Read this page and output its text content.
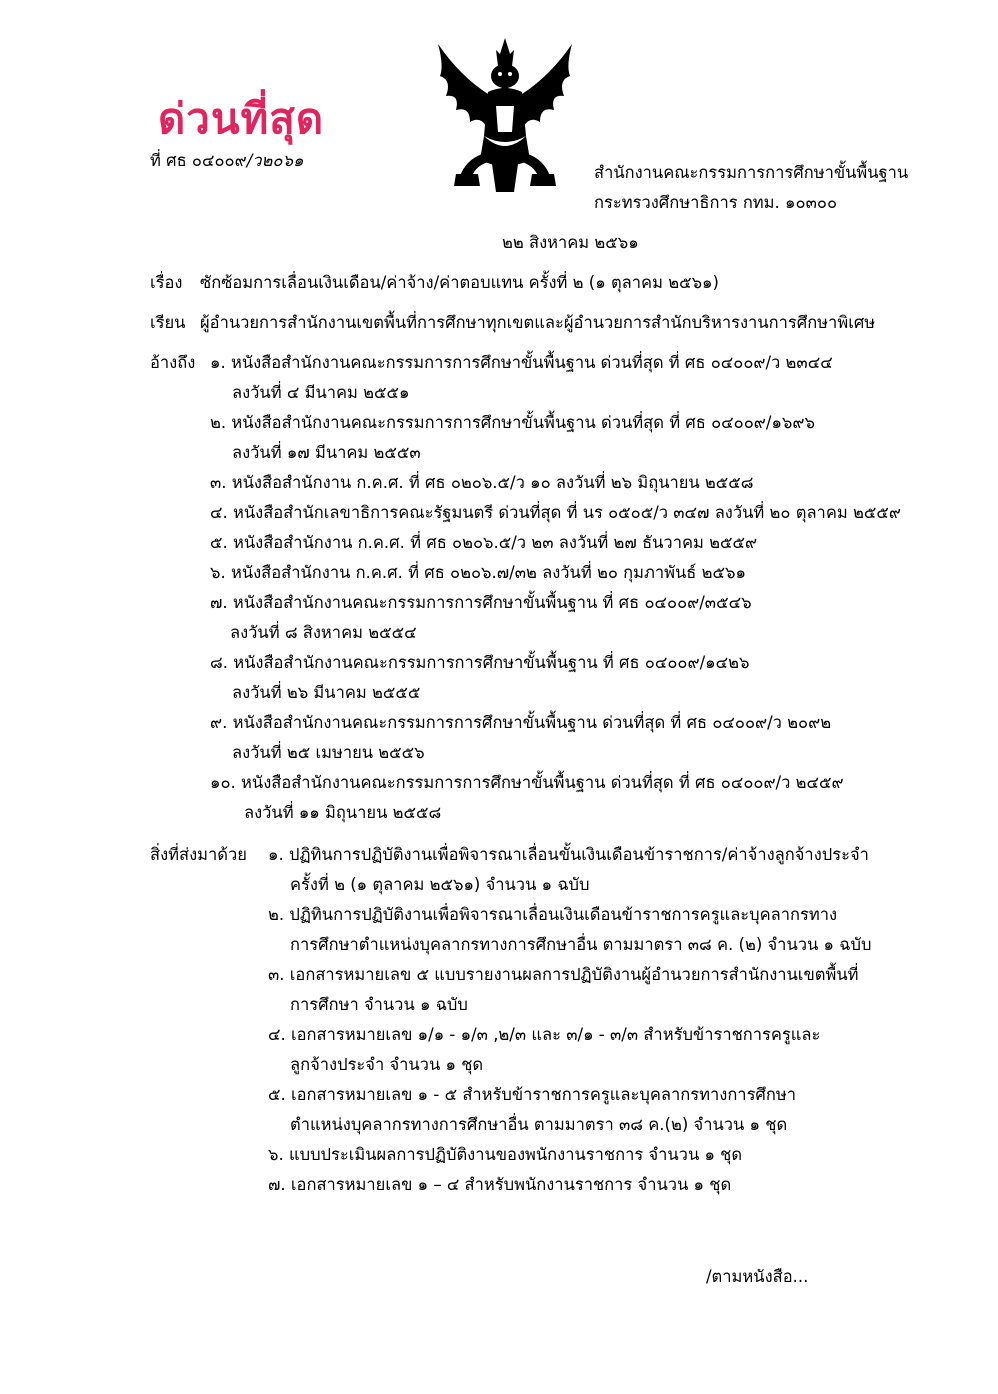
ด่วนที่สุด
ที่ ศธ ๐๔๐๐๙/ว๒๐๖๑
สำนักงานคณะกรรมการการศึกษาขั้นพื้นฐาน
กระทรวงศึกษาธิการ กทม. ๑๐๓๐๐
๒๒ สิงหาคม ๒๕๖๑
เรื่อง ซักซ้อมการเลื่อนเงินเดือน/ค่าจ้าง/ค่าตอบแทน ครั้งที่ ๒ (๑ ตุลาคม ๒๕๖๑)
เรียน ผู้อำนวยการสำนักงานเขตพื้นที่การศึกษาทุกเขตและผู้อำนวยการสำนักบริหารงานการศึกษาพิเศษ
อ้างถึง ๑. หนังสือสำนักงานคณะกรรมการการศึกษาขั้นพื้นฐาน ด่วนที่สุด ที่ ศธ ๐๔๐๐๙/ว ๒๓๔๔
ลงวันที่ ๔ มีนาคม ๒๕๕๑
๒. หนังสือสำนักงานคณะกรรมการการศึกษาขั้นพื้นฐาน ด่วนที่สุด ที่ ศธ ๐๔๐๐๙/๑๖๙๖
ลงวันที่ ๑๗ มีนาคม ๒๕๕๓
๓. หนังสือสำนักงาน ก.ค.ศ. ที่ ศธ ๐๒๐๖.๕/ว ๑๐ ลงวันที่ ๒๖ มิถุนายน ๒๕๕๘
๔. หนังสือสำนักเลขาธิการคณะรัฐมนตรี ด่วนที่สุด ที่ นร ๐๕๐๕/ว ๓๔๗ ลงวันที่ ๒๐ ตุลาคม ๒๕๕๙
๕. หนังสือสำนักงาน ก.ค.ศ. ที่ ศธ ๐๒๐๖.๕/ว ๒๓ ลงวันที่ ๒๗ ธันวาคม ๒๕๕๙
๖. หนังสือสำนักงาน ก.ค.ศ. ที่ ศธ ๐๒๐๖.๗/๓๒ ลงวันที่ ๒๐ กุมภาพันธ์ ๒๕๖๑
๗. หนังสือสำนักงานคณะกรรมการการศึกษาขั้นพื้นฐาน ที่ ศธ ๐๔๐๐๙/๓๕๔๖
ลงวันที่ ๘ สิงหาคม ๒๕๕๔
๘. หนังสือสำนักงานคณะกรรมการการศึกษาขั้นพื้นฐาน ที่ ศธ ๐๔๐๐๙/๑๔๒๖
ลงวันที่ ๒๖ มีนาคม ๒๕๕๕
๙. หนังสือสำนักงานคณะกรรมการการศึกษาขั้นพื้นฐาน ด่วนที่สุด ที่ ศธ ๐๔๐๐๙/ว ๒๐๙๒
ลงวันที่ ๒๕ เมษายน ๒๕๕๖
๑๐. หนังสือสำนักงานคณะกรรมการการศึกษาขั้นพื้นฐาน ด่วนที่สุด ที่ ศธ ๐๔๐๐๙/ว ๒๔๕๙
ลงวันที่ ๑๑ มิถุนายน ๒๕๕๘
สิ่งที่ส่งมาด้วย ๑. ปฏิทินการปฏิบัติงานเพื่อพิจารณาเลื่อนขั้นเงินเดือนข้าราชการ/ค่าจ้างลูกจ้างประจำ
ครั้งที่ ๒ (๑ ตุลาคม ๒๕๖๑) จำนวน ๑ ฉบับ
๒. ปฏิทินการปฏิบัติงานเพื่อพิจารณาเลื่อนเงินเดือนข้าราชการครูและบุคลากรทาง
การศึกษาตำแหน่งบุคลากรทางการศึกษาอื่น ตามมาตรา ๓๘ ค. (๒) จำนวน ๑ ฉบับ
๓. เอกสารหมายเลข ๕ แบบรายงานผลการปฏิบัติงานผู้อำนวยการสำนักงานเขตพื้นที่
การศึกษา จำนวน ๑ ฉบับ
๔. เอกสารหมายเลข ๑/๑ - ๑/๓ ,๒/๓ และ ๓/๑ - ๓/๓ สำหรับข้าราชการครูและ
ลูกจ้างประจำ จำนวน ๑ ชุด
๕. เอกสารหมายเลข ๑ - ๕ สำหรับข้าราชการครูและบุคลากรทางการศึกษา
ตำแหน่งบุคลากรทางการศึกษาอื่น ตามมาตรา ๓๘ ค.(๒) จำนวน ๑ ชุด
๖. แบบประเมินผลการปฏิบัติงานของพนักงานราชการ จำนวน ๑ ชุด
๗. เอกสารหมายเลข ๑ – ๔ สำหรับพนักงานราชการ จำนวน ๑ ชุด
/ตามหนังสือ...
